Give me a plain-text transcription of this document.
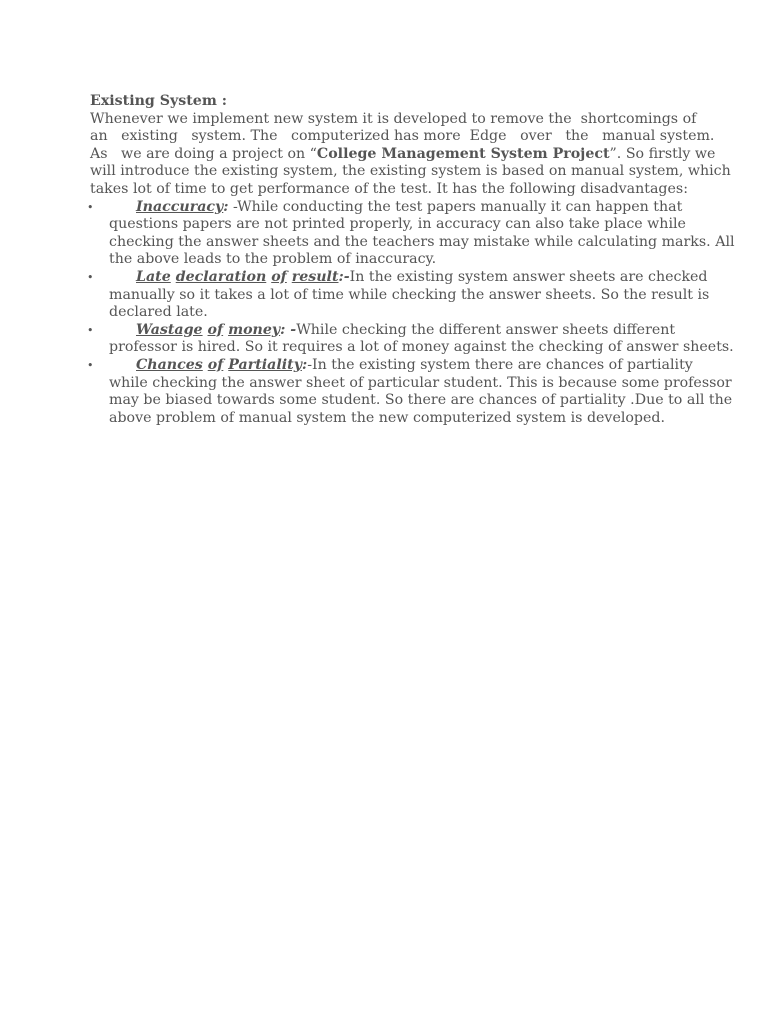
Existing System :
Whenever we implement new system it is developed to remove the  shortcomings of
an   existing   system. The   computerized has more  Edge   over   the   manual system.
As   we are doing a project on “College Management System Project”. So firstly we
will introduce the existing system, the existing system is based on manual system, which
takes lot of time to get performance of the test. It has the following disadvantages:
•	Inaccuracy: -While conducting the test papers manually it can happen that
questions papers are not printed properly, in accuracy can also take place while
checking the answer sheets and the teachers may mistake while calculating marks. All
the above leads to the problem of inaccuracy.
•	Late declaration of result:-In the existing system answer sheets are checked
manually so it takes a lot of time while checking the answer sheets. So the result is
declared late.
•	Wastage of money: -While checking the different answer sheets different
professor is hired. So it requires a lot of money against the checking of answer sheets.
•	Chances of Partiality:-In the existing system there are chances of partiality
while checking the answer sheet of particular student. This is because some professor
may be biased towards some student. So there are chances of partiality .Due to all the
above problem of manual system the new computerized system is developed.
